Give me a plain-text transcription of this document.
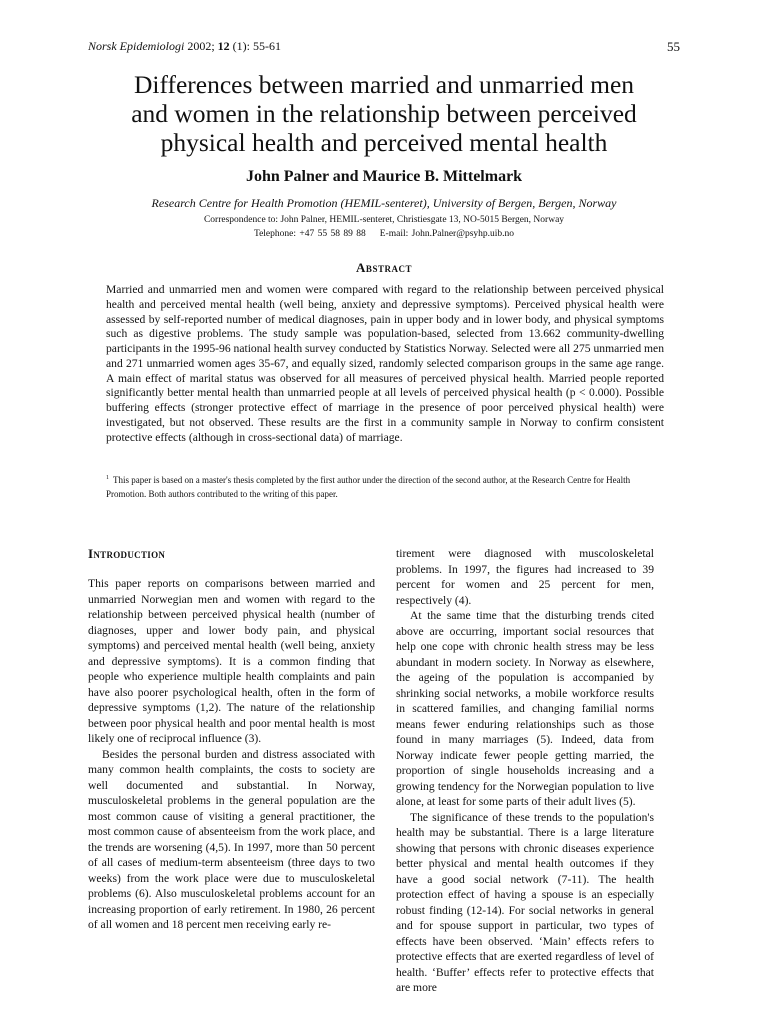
Norsk Epidemiologi 2002; 12 (1): 55-61	55
Differences between married and unmarried men
and women in the relationship between perceived
physical health and perceived mental health
John Palner and Maurice B. Mittelmark
Research Centre for Health Promotion (HEMIL-senteret), University of Bergen, Bergen, Norway
Correspondence to: John Palner, HEMIL-senteret, Christiesgate 13, NO-5015 Bergen, Norway
Telephone: +47 55 58 89 88 E-mail: John.Palner@psyhp.uib.no
Abstract

Married and unmarried men and women were compared with regard to the relationship between perceived physical health and perceived mental health (well being, anxiety and depressive symptoms). Perceived physical health were assessed by self-reported number of medical diagnoses, pain in upper body and in lower body, and physical symptoms such as digestive problems. The study sample was population-based, selected from 13.662 community-dwelling participants in the 1995-96 national health survey conducted by Statistics Norway. Selected were all 275 unmarried men and 271 unmarried women ages 35-67, and equally sized, randomly selected comparison groups in the same age range. A main effect of marital status was observed for all measures of perceived physical health. Married people reported significantly better mental health than unmarried people at all levels of perceived physical health (p < 0.000). Possible buffering effects (stronger protective effect of marriage in the presence of poor perceived physical health) were investigated, but not observed. These results are the first in a community sample in Norway to confirm consistent protective effects (although in cross-sectional data) of marriage.

$^1$ This paper is based on a master's thesis completed by the first author under the direction of the second author, at the Research Centre for Health Promotion. Both authors contributed to the writing of this paper.

Introduction

This paper reports on comparisons between married and unmarried Norwegian men and women with regard to the relationship between perceived physical health (number of diagnoses, upper and lower body pain, and physical symptoms) and perceived mental health (well being, anxiety and depressive symptoms). It is a common finding that people who experience multiple health complaints and pain have also poorer psychological health, often in the form of depressive symptoms (1,2). The nature of the relationship between poor physical health and poor mental health is most likely one of reciprocal influence (3).

Besides the personal burden and distress associated with many common health complaints, the costs to society are well documented and substantial. In Norway, musculoskeletal problems in the general population are the most common cause of visiting a general practitioner, the most common cause of absenteeism from the work place, and the trends are worsening (4,5). In 1997, more than 50 percent of all cases of medium-term absenteeism (three days to two weeks) from the work place were due to musculoskeletal problems (6). Also musculoskeletal problems account for an increasing proportion of early retirement. In 1980, 26 percent of all women and 18 percent men receiving early re-

tirement were diagnosed with muscoloskeletal problems. In 1997, the figures had increased to 39 percent for women and 25 percent for men, respectively (4).

At the same time that the disturbing trends cited above are occurring, important social resources that help one cope with chronic health stress may be less abundant in modern society. In Norway as elsewhere, the ageing of the population is accompanied by shrinking social networks, a mobile workforce results in scattered families, and changing familial norms means fewer enduring relationships such as those found in many marriages (5). Indeed, data from Norway indicate fewer people getting married, the proportion of single households increasing and a growing tendency for the Norwegian population to live alone, at least for some parts of their adult lives (5).

The significance of these trends to the population's health may be substantial. There is a large literature showing that persons with chronic diseases experience better physical and mental health outcomes if they have a good social network (7-11). The health protection effect of having a spouse is an especially robust finding (12-14). For social networks in general and for spouse support in particular, two types of effects have been observed. ‘Main’ effects refers to protective effects that are exerted regardless of level of health. ‘Buffer’ effects refer to protective effects that are more
